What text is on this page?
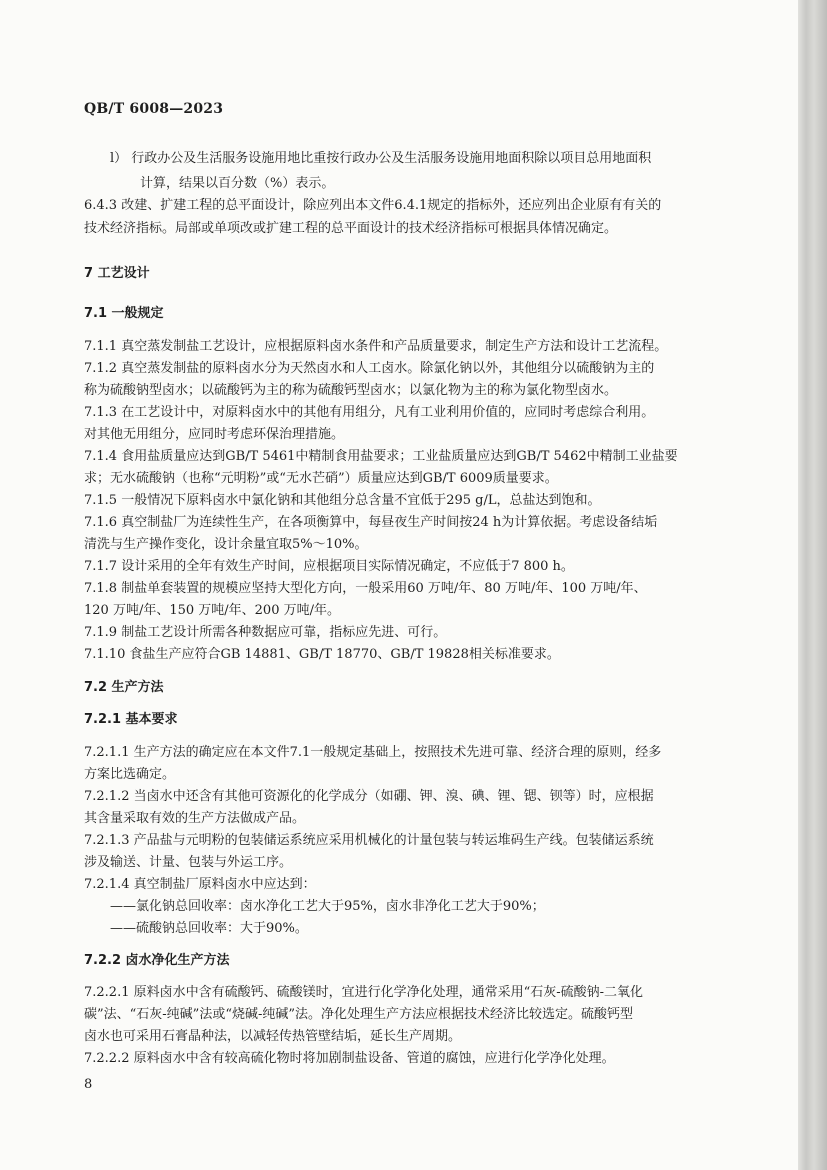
QB/T 6008—2023
l） 行政办公及生活服务设施用地比重按行政办公及生活服务设施用地面积除以项目总用地面积
计算，结果以百分数（%）表示。
6.4.3 改建、扩建工程的总平面设计，除应列出本文件6.4.1规定的指标外，还应列出企业原有有关的
技术经济指标。局部或单项改或扩建工程的总平面设计的技术经济指标可根据具体情况确定。
7 工艺设计
7.1 一般规定
7.1.1 真空蒸发制盐工艺设计，应根据原料卤水条件和产品质量要求，制定生产方法和设计工艺流程。
7.1.2 真空蒸发制盐的原料卤水分为天然卤水和人工卤水。除氯化钠以外，其他组分以硫酸钠为主的
称为硫酸钠型卤水；以硫酸钙为主的称为硫酸钙型卤水；以氯化物为主的称为氯化物型卤水。
7.1.3 在工艺设计中，对原料卤水中的其他有用组分，凡有工业利用价值的，应同时考虑综合利用。
对其他无用组分，应同时考虑环保治理措施。
7.1.4 食用盐质量应达到GB/T 5461中精制食用盐要求；工业盐质量应达到GB/T 5462中精制工业盐要
求；无水硫酸钠（也称“元明粉”或“无水芒硝”）质量应达到GB/T 6009质量要求。
7.1.5 一般情况下原料卤水中氯化钠和其他组分总含量不宜低于295 g/L，总盐达到饱和。
7.1.6 真空制盐厂为连续性生产，在各项衡算中，每昼夜生产时间按24 h为计算依据。考虑设备结垢
清洗与生产操作变化，设计余量宜取5%～10%。
7.1.7 设计采用的全年有效生产时间，应根据项目实际情况确定，不应低于7 800 h。
7.1.8 制盐单套装置的规模应坚持大型化方向，一般采用60 万吨/年、80 万吨/年、100 万吨/年、
120 万吨/年、150 万吨/年、200 万吨/年。
7.1.9 制盐工艺设计所需各种数据应可靠，指标应先进、可行。
7.1.10 食盐生产应符合GB 14881、GB/T 18770、GB/T 19828相关标准要求。
7.2 生产方法
7.2.1 基本要求
7.2.1.1 生产方法的确定应在本文件7.1一般规定基础上，按照技术先进可靠、经济合理的原则，经多
方案比选确定。
7.2.1.2 当卤水中还含有其他可资源化的化学成分（如硼、钾、溴、碘、锂、锶、钡等）时，应根据
其含量采取有效的生产方法做成产品。
7.2.1.3 产品盐与元明粉的包装储运系统应采用机械化的计量包装与转运堆码生产线。包装储运系统
涉及输送、计量、包装与外运工序。
7.2.1.4 真空制盐厂原料卤水中应达到：
——氯化钠总回收率：卤水净化工艺大于95%，卤水非净化工艺大于90%；
——硫酸钠总回收率：大于90%。
7.2.2 卤水净化生产方法
7.2.2.1 原料卤水中含有硫酸钙、硫酸镁时，宜进行化学净化处理，通常采用“石灰-硫酸钠-二氧化
碳”法、“石灰-纯碱”法或“烧碱-纯碱”法。净化处理生产方法应根据技术经济比较选定。硫酸钙型
卤水也可采用石膏晶种法，以减轻传热管壁结垢，延长生产周期。
7.2.2.2 原料卤水中含有较高硫化物时将加剧制盐设备、管道的腐蚀，应进行化学净化处理。
8
